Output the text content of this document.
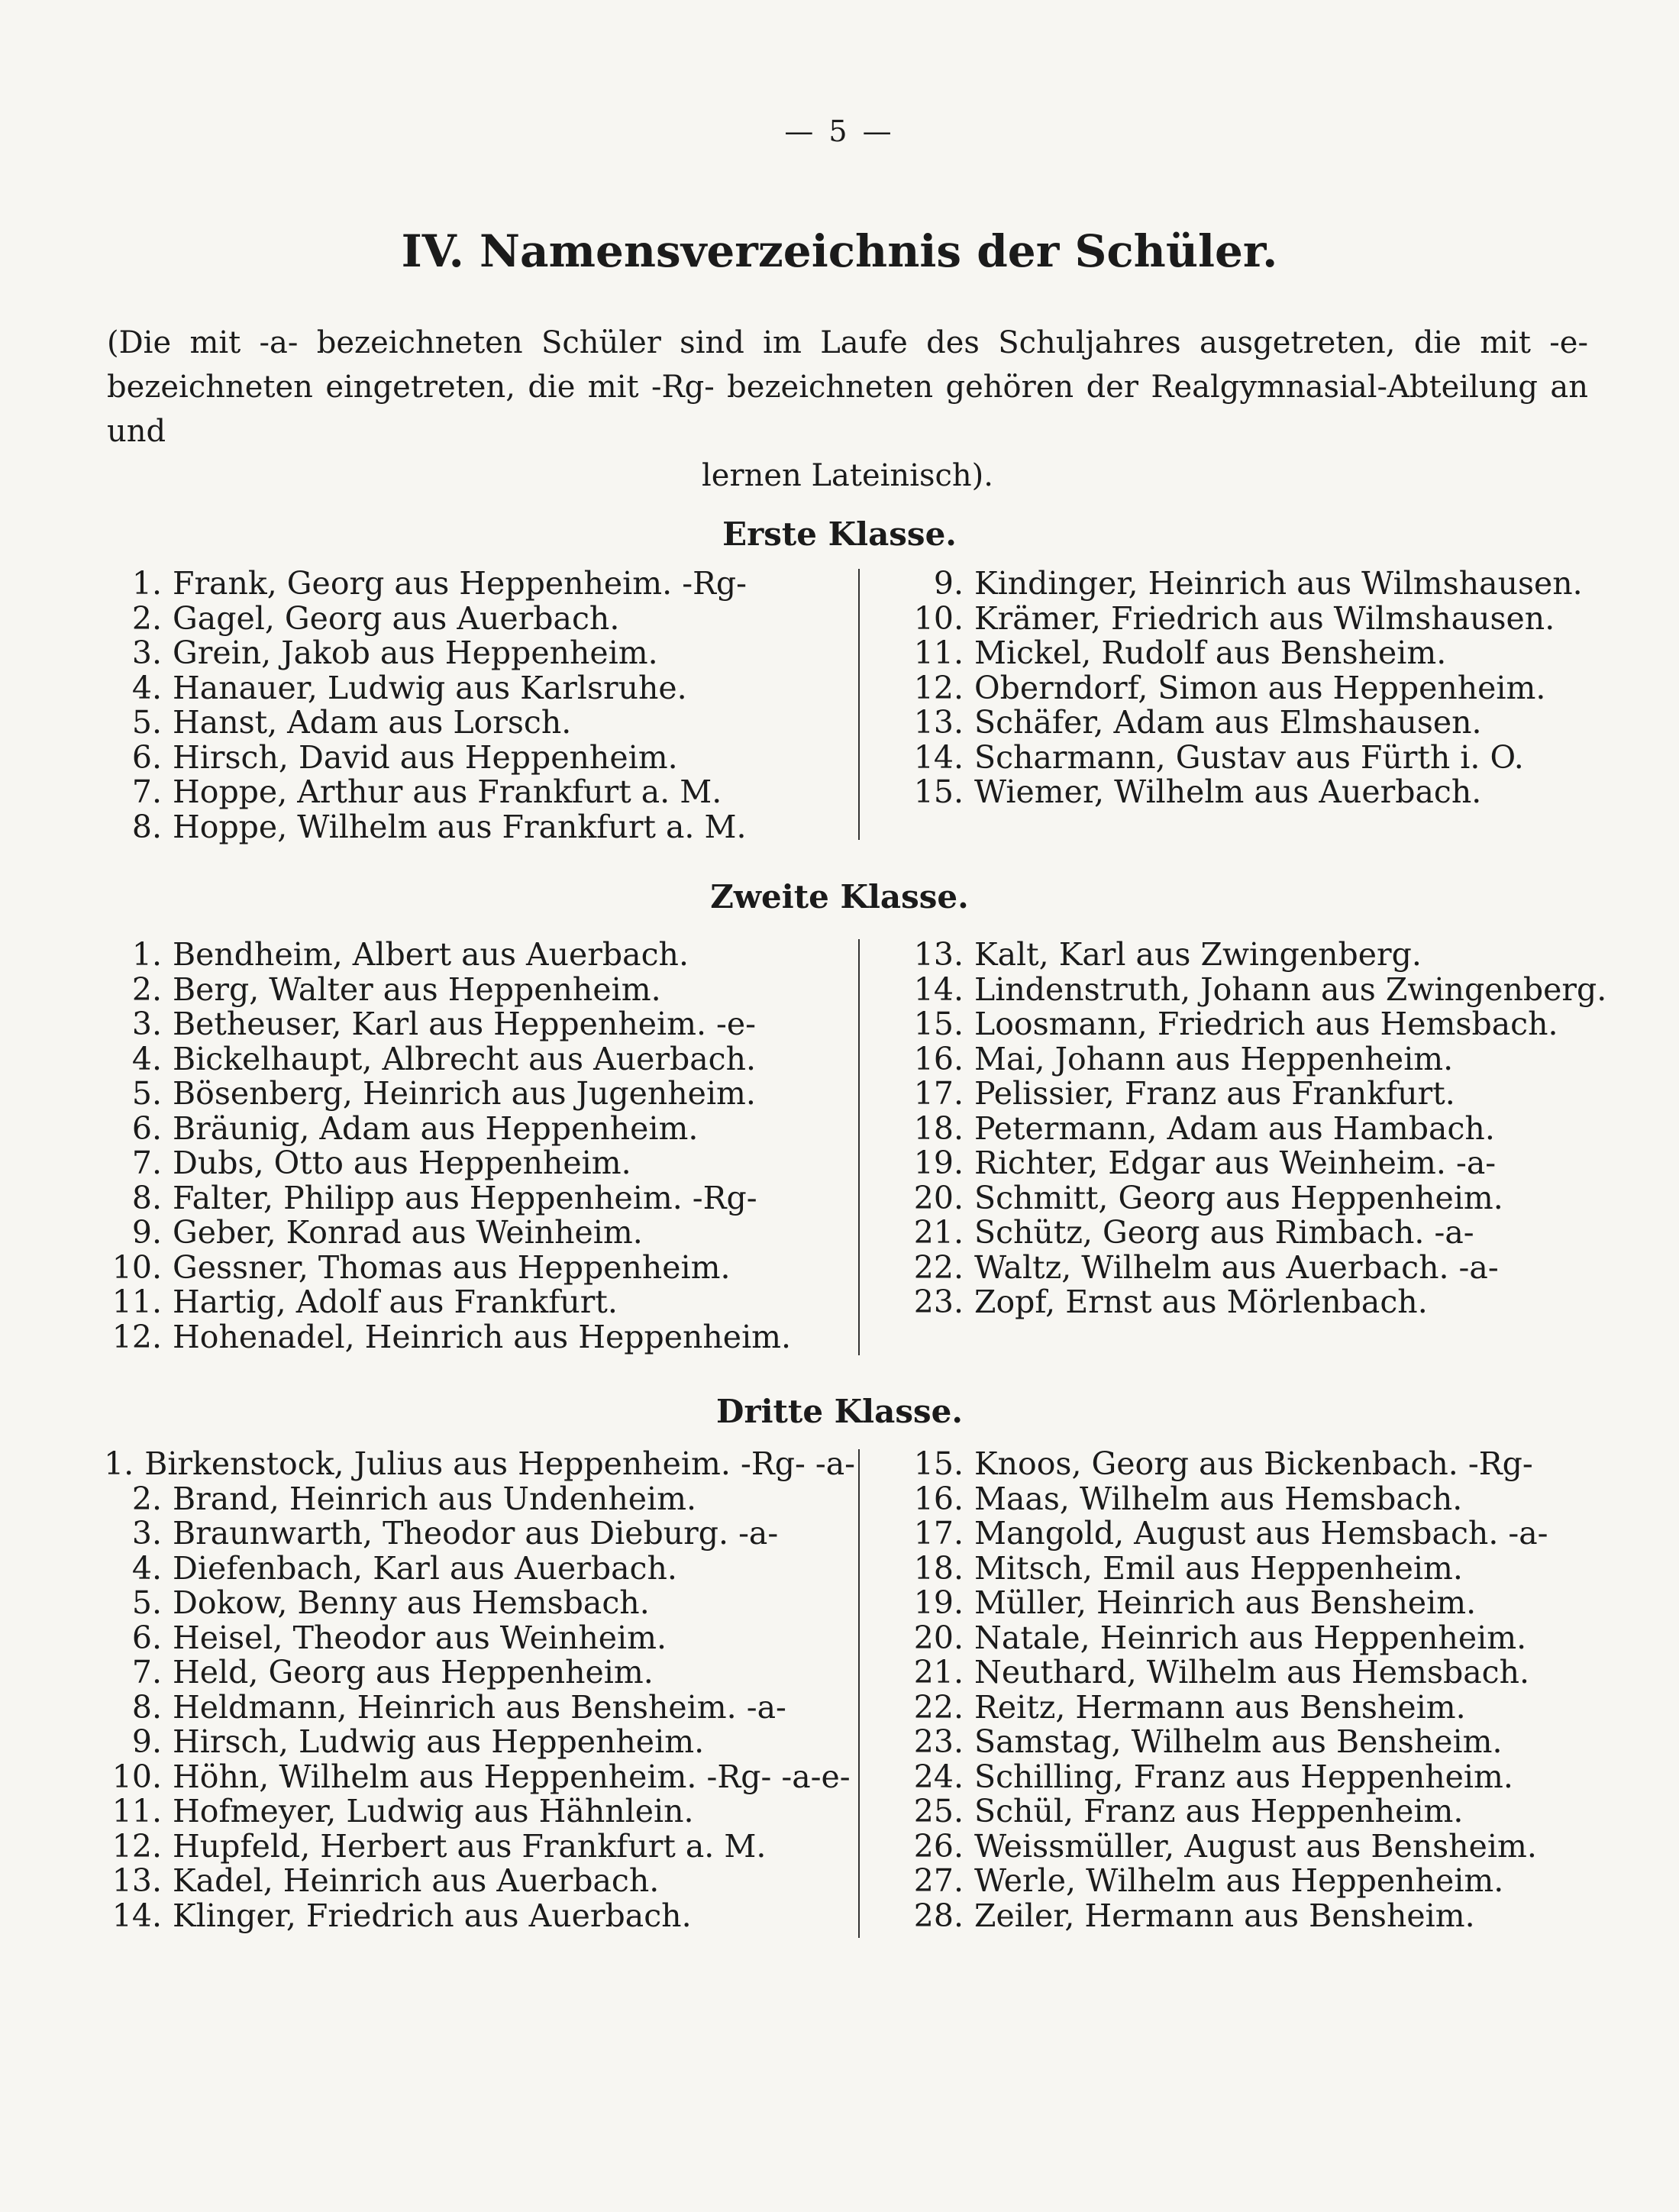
— 5 —
IV. Namensverzeichnis der Schüler.
(Die mit -a- bezeichneten Schüler sind im Laufe des Schuljahres ausgetreten, die mit -e- bezeichneten eingetreten, die mit -Rg- bezeichneten gehören der Realgymnasial-Abteilung an und
lernen Lateinisch).
Erste Klasse.
1. Frank, Georg aus Heppenheim. -Rg-
2. Gagel, Georg aus Auerbach.
3. Grein, Jakob aus Heppenheim.
4. Hanauer, Ludwig aus Karlsruhe.
5. Hanst, Adam aus Lorsch.
6. Hirsch, David aus Heppenheim.
7. Hoppe, Arthur aus Frankfurt a. M.
8. Hoppe, Wilhelm aus Frankfurt a. M.
9. Kindinger, Heinrich aus Wilmshausen.
10. Krämer, Friedrich aus Wilmshausen.
11. Mickel, Rudolf aus Bensheim.
12. Oberndorf, Simon aus Heppenheim.
13. Schäfer, Adam aus Elmshausen.
14. Scharmann, Gustav aus Fürth i. O.
15. Wiemer, Wilhelm aus Auerbach.
Zweite Klasse.
1. Bendheim, Albert aus Auerbach.
2. Berg, Walter aus Heppenheim.
3. Betheuser, Karl aus Heppenheim. -e-
4. Bickelhaupt, Albrecht aus Auerbach.
5. Bösenberg, Heinrich aus Jugenheim.
6. Bräunig, Adam aus Heppenheim.
7. Dubs, Otto aus Heppenheim.
8. Falter, Philipp aus Heppenheim. -Rg-
9. Geber, Konrad aus Weinheim.
10. Gessner, Thomas aus Heppenheim.
11. Hartig, Adolf aus Frankfurt.
12. Hohenadel, Heinrich aus Heppenheim.
13. Kalt, Karl aus Zwingenberg.
14. Lindenstruth, Johann aus Zwingenberg.
15. Loosmann, Friedrich aus Hemsbach.
16. Mai, Johann aus Heppenheim.
17. Pelissier, Franz aus Frankfurt.
18. Petermann, Adam aus Hambach.
19. Richter, Edgar aus Weinheim. -a-
20. Schmitt, Georg aus Heppenheim.
21. Schütz, Georg aus Rimbach. -a-
22. Waltz, Wilhelm aus Auerbach. -a-
23. Zopf, Ernst aus Mörlenbach.
Dritte Klasse.
1. Birkenstock, Julius aus Heppenheim. -Rg- -a-
2. Brand, Heinrich aus Undenheim.
3. Braunwarth, Theodor aus Dieburg. -a-
4. Diefenbach, Karl aus Auerbach.
5. Dokow, Benny aus Hemsbach.
6. Heisel, Theodor aus Weinheim.
7. Held, Georg aus Heppenheim.
8. Heldmann, Heinrich aus Bensheim. -a-
9. Hirsch, Ludwig aus Heppenheim.
10. Höhn, Wilhelm aus Heppenheim. -Rg- -a-e-
11. Hofmeyer, Ludwig aus Hähnlein.
12. Hupfeld, Herbert aus Frankfurt a. M.
13. Kadel, Heinrich aus Auerbach.
14. Klinger, Friedrich aus Auerbach.
15. Knoos, Georg aus Bickenbach. -Rg-
16. Maas, Wilhelm aus Hemsbach.
17. Mangold, August aus Hemsbach. -a-
18. Mitsch, Emil aus Heppenheim.
19. Müller, Heinrich aus Bensheim.
20. Natale, Heinrich aus Heppenheim.
21. Neuthard, Wilhelm aus Hemsbach.
22. Reitz, Hermann aus Bensheim.
23. Samstag, Wilhelm aus Bensheim.
24. Schilling, Franz aus Heppenheim.
25. Schül, Franz aus Heppenheim.
26. Weissmüller, August aus Bensheim.
27. Werle, Wilhelm aus Heppenheim.
28. Zeiler, Hermann aus Bensheim.
